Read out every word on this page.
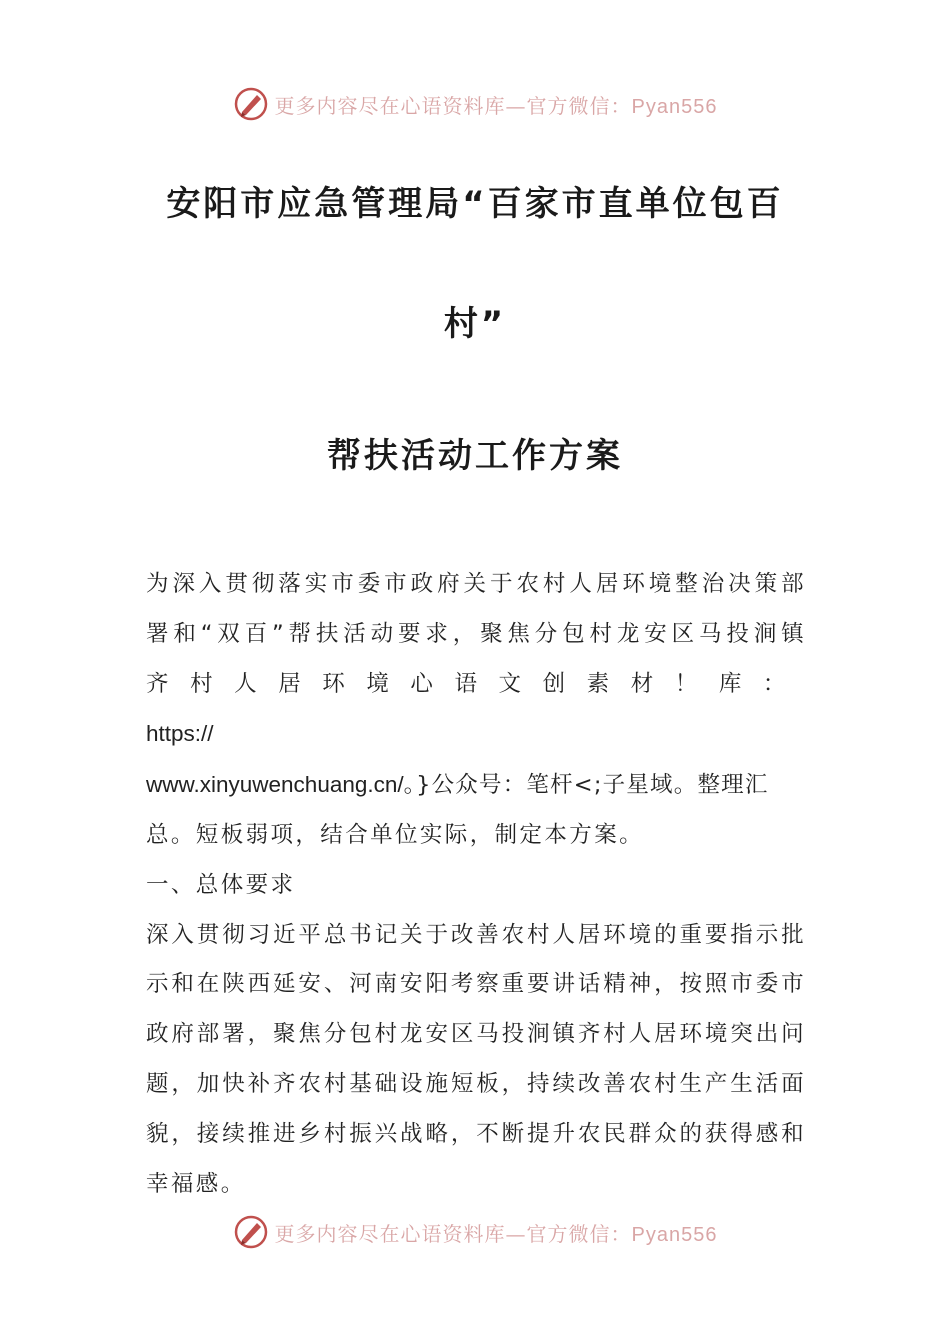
更多内容尽在心语资料库—官方微信：Pyan556
安阳市应急管理局“百家市直单位包百
村”
帮扶活动工作方案

为深入贯彻落实市委市政府关于农村人居环境整治决策部

署和“双百”帮扶活动要求，聚焦分包村龙安区马投涧镇

齐村人居环境心语文创素材！库：https://

www.xinyuwenchuang.cn/。}公众号：笔杆<;子星域。整理汇

总。短板弱项，结合单位实际，制定本方案。

一、总体要求

深入贯彻习近平总书记关于改善农村人居环境的重要指示批示和在陕西延安、河南安阳考察重要讲话精神，按照市委市政府部署，聚焦分包村龙安区马投涧镇齐村人居环境突出问题，加快补齐农村基础设施短板，持续改善农村生产生活面貌，接续推进乡村振兴战略，不断提升农民群众的获得感和幸福感。

更多内容尽在心语资料库—官方微信：Pyan556
